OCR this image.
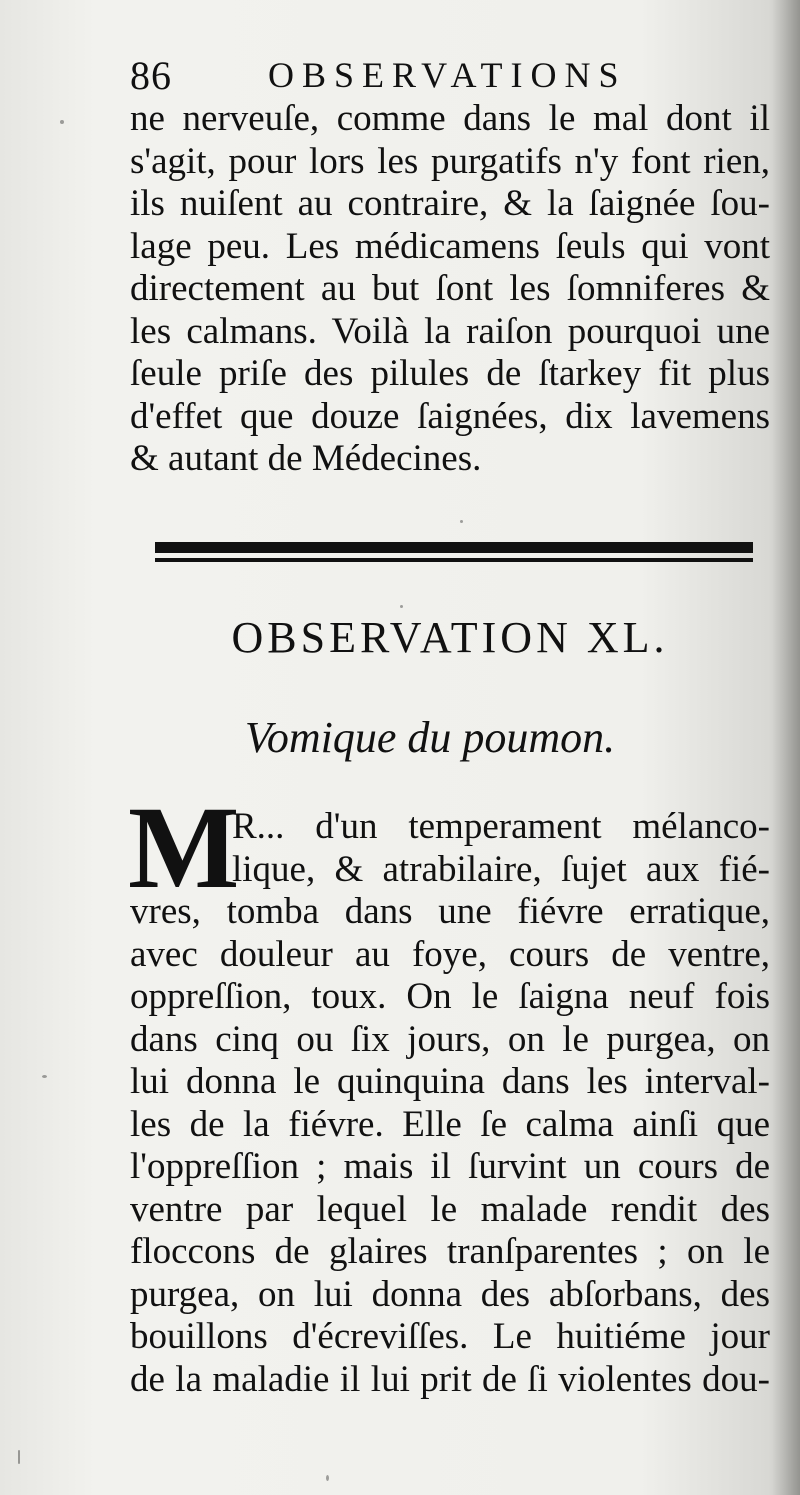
86	OBSERVATIONS
ne nerveuſe, comme dans le mal dont il
s'agit, pour lors les purgatifs n'y font rien,
ils nuiſent au contraire, & la ſaignée ſou-
lage peu. Les médicamens ſeuls qui vont
directement au but ſont les ſomniferes &
les calmans. Voilà la raiſon pourquoi une
ſeule priſe des pilules de ſtarkey fit plus
d'effet que douze ſaignées, dix lavemens
& autant de Médecines.
OBSERVATION XL.
Vomique du poumon.
M
R... d'un temperament mélanco-
lique, & atrabilaire, ſujet aux fié-
vres, tomba dans une fiévre erratique,
avec douleur au foye, cours de ventre,
oppreſſion, toux. On le ſaigna neuf fois
dans cinq ou ſix jours, on le purgea, on
lui donna le quinquina dans les interval-
les de la fiévre. Elle ſe calma ainſi que
l'oppreſſion ; mais il ſurvint un cours de
ventre par lequel le malade rendit des
floccons de glaires tranſparentes ; on le
purgea, on lui donna des abſorbans, des
bouillons d'écreviſſes. Le huitiéme jour
de la maladie il lui prit de ſi violentes dou-
